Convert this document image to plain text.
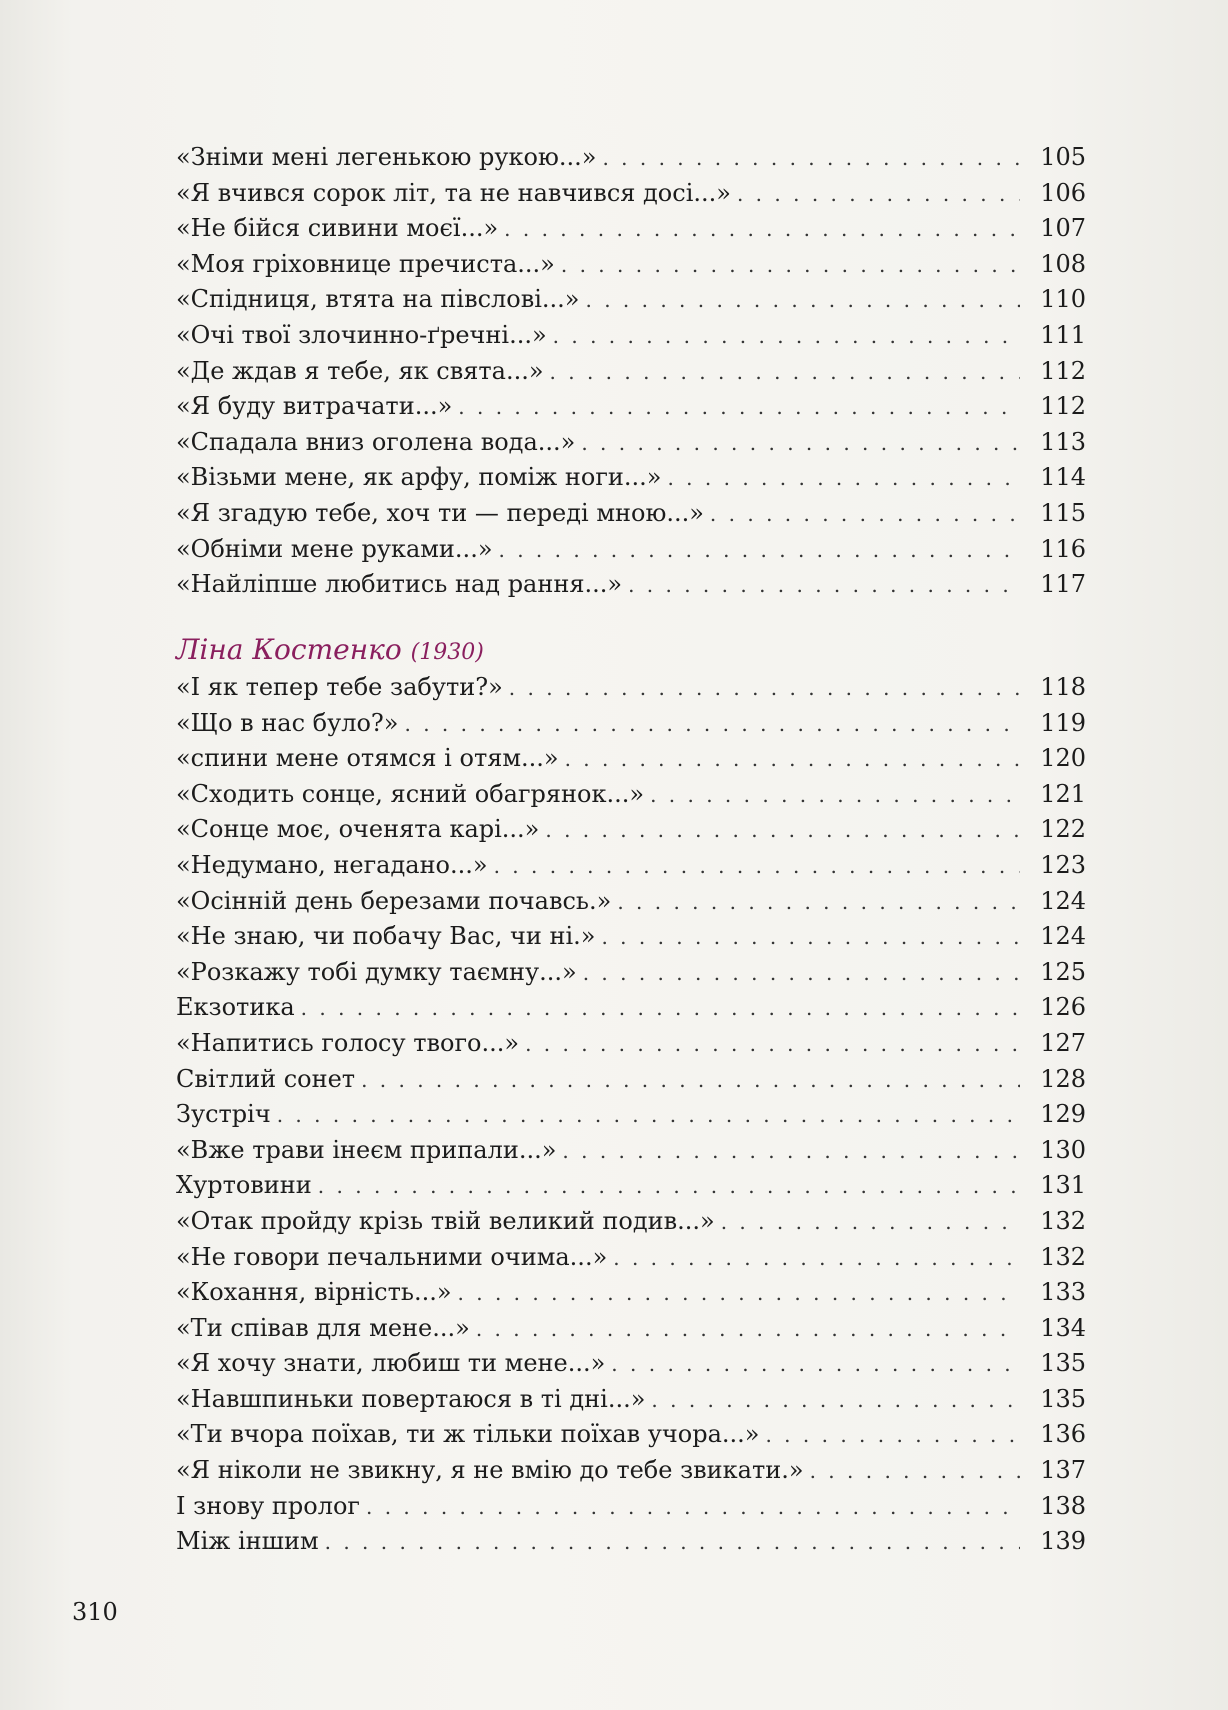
«Зніми мені легенькою рукою...» . . .	105
«Я вчився сорок літ, та не навчився досі...» . . .	106
«Не бійся сивини моєї...» . . .	107
«Моя гріховнице пречиста...» . . .	108
«Спідниця, втята на півслові...» . . .	110
«Очі твої злочинно-ґречні...» . . .	111
«Де ждав я тебе, як свята...» . . .	112
«Я буду витрачати...» . . .	112
«Спадала вниз оголена вода...» . . .	113
«Візьми мене, як арфу, поміж ноги...» . . .	114
«Я згадую тебе, хоч ти — переді мною...» . . .	115
«Обніми мене руками...» . . .	116
«Найліпше любитись над рання...» . . .	117
Ліна Костенко (1930)
«І як тепер тебе забути?» . . .	118
«Що в нас було?» . . .	119
«спини мене отямся і отям...» . . .	120
«Сходить сонце, ясний обагрянок...» . . .	121
«Сонце моє, оченята карі...» . . .	122
«Недумано, негадано...» . . .	123
«Осінній день березами почавсь.» . . .	124
«Не знаю, чи побачу Вас, чи ні.» . . .	124
«Розкажу тобі думку таємну...» . . .	125
Екзотика . . .	126
«Напитись голосу твого...» . . .	127
Світлий сонет . . .	128
Зустріч . . .	129
«Вже трави інеєм припали...» . . .	130
Хуртовини . . .	131
«Отак пройду крізь твій великий подив...» . . .	132
«Не говори печальними очима...» . . .	132
«Кохання, вірність...» . . .	133
«Ти співав для мене...» . . .	134
«Я хочу знати, любиш ти мене...» . . .	135
«Навшпиньки повертаюся в ті дні...» . . .	135
«Ти вчора поїхав, ти ж тільки поїхав учора...» . . .	136
«Я ніколи не звикну, я не вмію до тебе звикати.» . . .	137
І знову пролог . . .	138
Між іншим . . .	139
310
